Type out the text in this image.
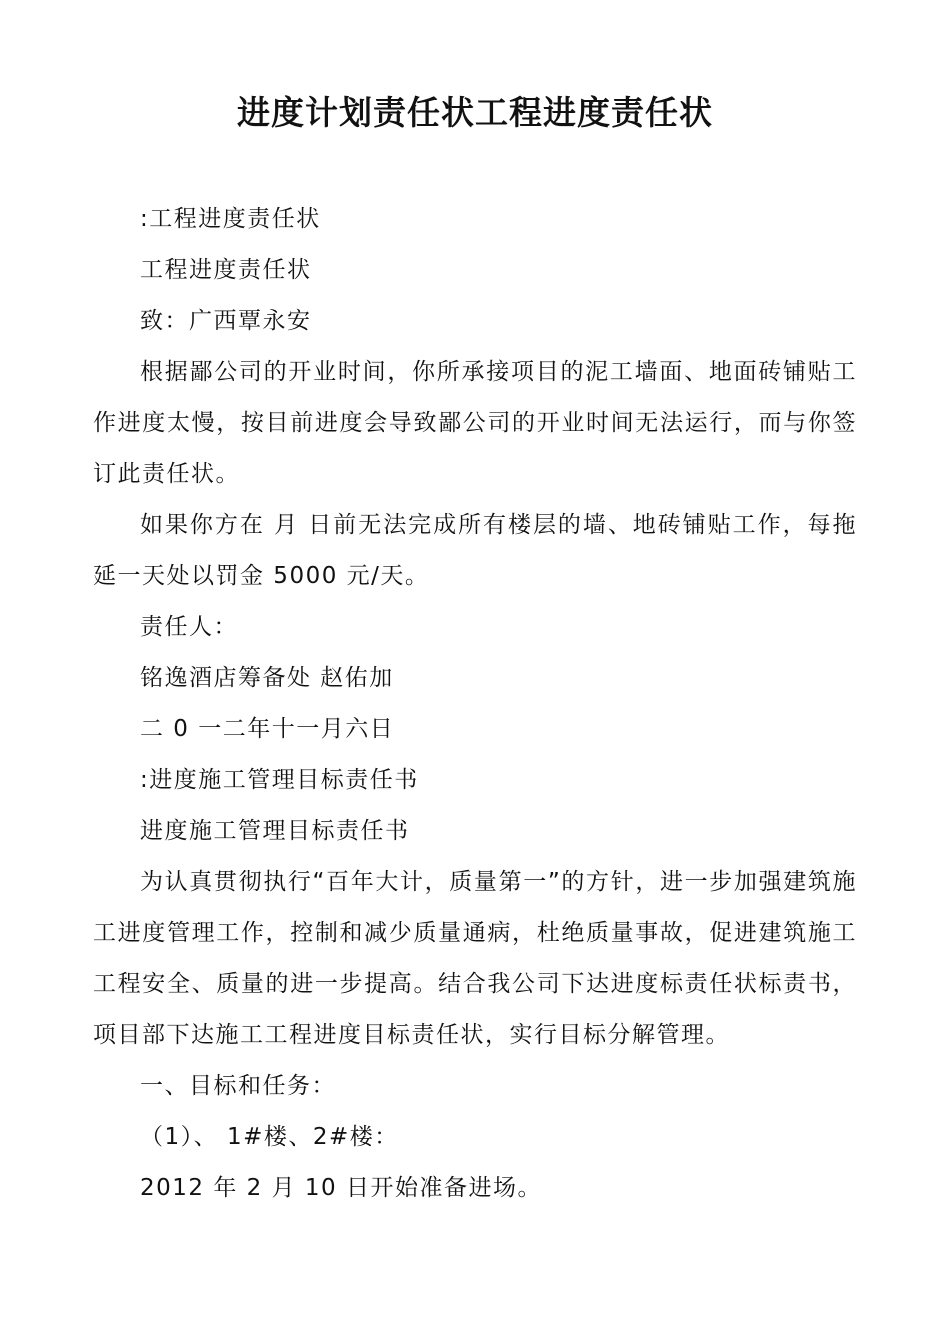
进度计划责任状工程进度责任状

:工程进度责任状

工程进度责任状

致：广西覃永安

根据鄙公司的开业时间，你所承接项目的泥工墙面、地面砖铺贴工作进度太慢，按目前进度会导致鄙公司的开业时间无法运行，而与你签订此责任状。

如果你方在 月 日前无法完成所有楼层的墙、地砖铺贴工作，每拖延一天处以罚金 5000 元/天。

责任人：

铭逸酒店筹备处 赵佑加

二 0 一二年十一月六日

:进度施工管理目标责任书

进度施工管理目标责任书

为认真贯彻执行“百年大计，质量第一”的方针，进一步加强建筑施工进度管理工作，控制和减少质量通病，杜绝质量事故，促进建筑施工工程安全、质量的进一步提高。结合我公司下达进度标责任状标责书，项目部下达施工工程进度目标责任状，实行目标分解管理。

一、目标和任务：

（1）、 1#楼、2#楼：

2012 年 2 月 10 日开始准备进场。
